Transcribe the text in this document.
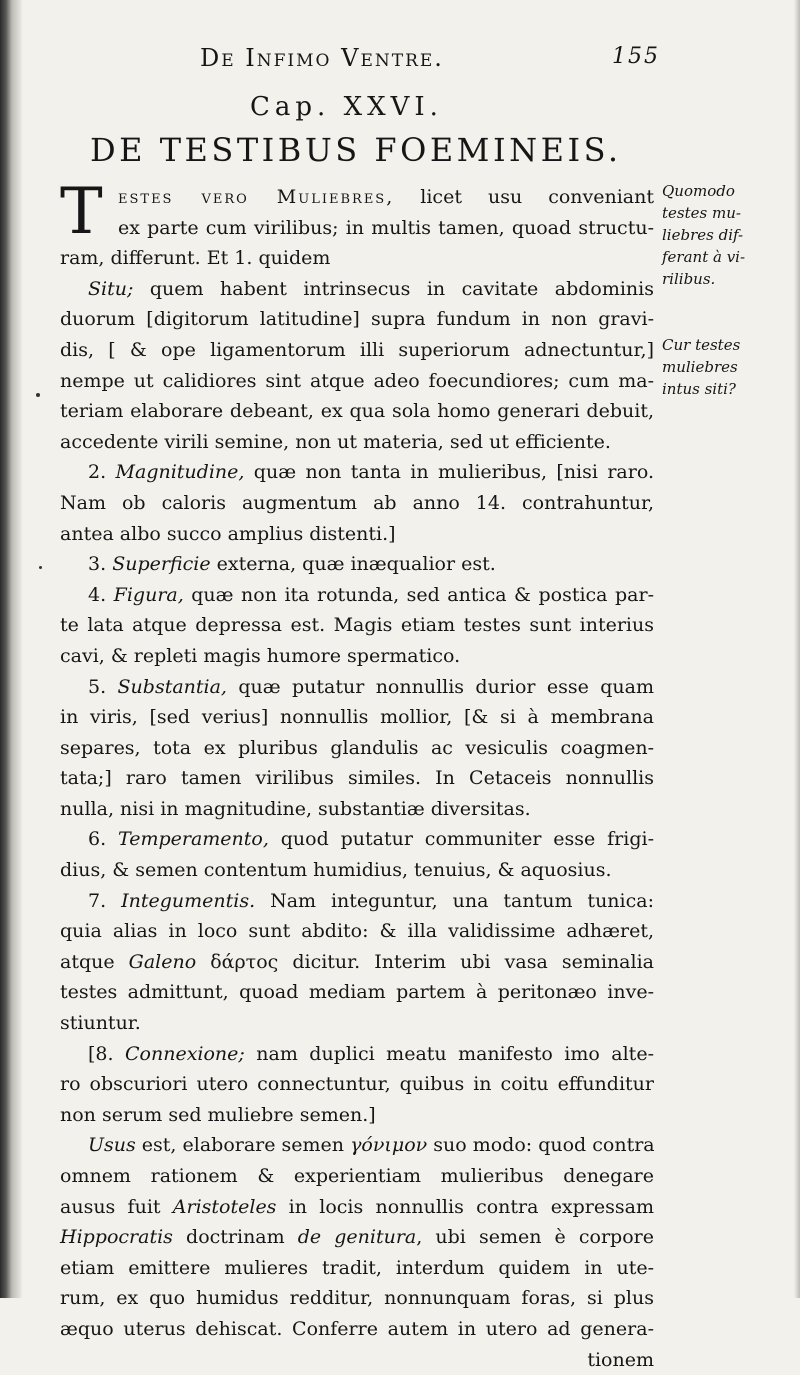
De Infimo Ventre.	155
Cap. XXVI.
DE TESTIBUS FOEMINEIS.
T estes vero Muliebres, licet usu conveniant
ex parte cum virilibus; in multis tamen, quoad structu-
ram, differunt. Et 1. quidem
Situ; quem habent intrinsecus in cavitate abdominis
duorum [digitorum latitudine] supra fundum in non gravi-
dis, [ & ope ligamentorum illi superiorum adnectuntur,]
nempe ut calidiores sint atque adeo foecundiores; cum ma-
teriam elaborare debeant, ex qua sola homo generari debuit,
accedente virili semine, non ut materia, sed ut efficiente.
2. Magnitudine, quæ non tanta in mulieribus, [nisi raro.
Nam ob caloris augmentum ab anno 14. contrahuntur,
antea albo succo amplius distenti.]
3. Superficie externa, quæ inæqualior est.
4. Figura, quæ non ita rotunda, sed antica & postica par-
te lata atque depressa est. Magis etiam testes sunt interius
cavi, & repleti magis humore spermatico.
5. Substantia, quæ putatur nonnullis durior esse quam
in viris, [sed verius] nonnullis mollior, [& si à membrana
separes, tota ex pluribus glandulis ac vesiculis coagmen-
tata;] raro tamen virilibus similes. In Cetaceis nonnullis
nulla, nisi in magnitudine, substantiæ diversitas.
6. Temperamento, quod putatur communiter esse frigi-
dius, & semen contentum humidius, tenuius, & aquosius.
7. Integumentis. Nam integuntur, una tantum tunica:
quia alias in loco sunt abdito: & illa validissime adhæret,
atque Galeno δάρτος dicitur. Interim ubi vasa seminalia
testes admittunt, quoad mediam partem à peritonæo inve-
stiuntur.
[8. Connexione; nam duplici meatu manifesto imo alte-
ro obscuriori utero connectuntur, quibus in coitu effunditur
non serum sed muliebre semen.]
Usus est, elaborare semen γόνιμον suo modo: quod contra
omnem rationem & experientiam mulieribus denegare
ausus fuit Aristoteles in locis nonnullis contra expressam
Hippocratis doctrinam de genitura, ubi semen è corpore
etiam emittere mulieres tradit, interdum quidem in ute-
rum, ex quo humidus redditur, nonnunquam foras, si plus
æquo uterus dehiscat. Conferre autem in utero ad genera-
tionem
Quomodo
testes mu-
liebres dif-
ferant à vi-
rilibus.
Cur testes
muliebres
intus siti?
